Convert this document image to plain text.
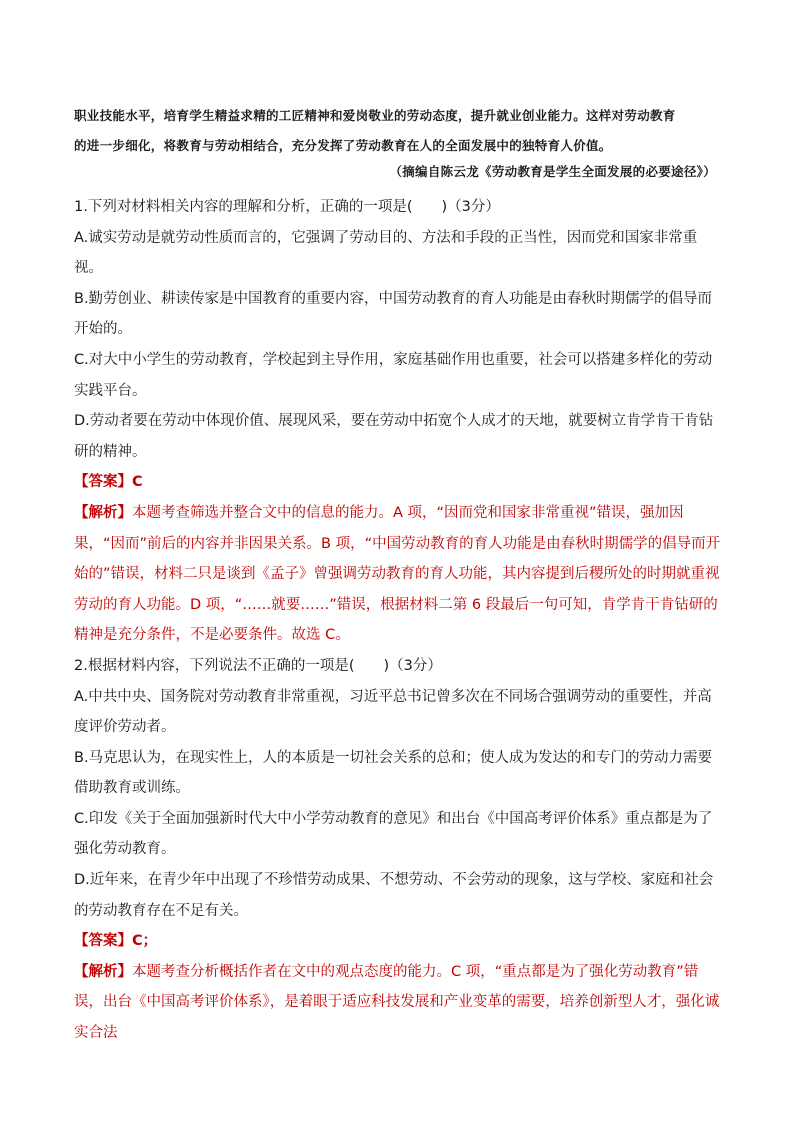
职业技能水平，培育学生精益求精的工匠精神和爱岗敬业的劳动态度，提升就业创业能力。这样对劳动教育

的进一步细化，将教育与劳动相结合，充分发挥了劳动教育在人的全面发展中的独特育人价值。

（摘编自陈云龙《劳动教育是学生全面发展的必要途径》）

1.下列对材料相关内容的理解和分析，正确的一项是(　　)（3分）

A.诚实劳动是就劳动性质而言的，它强调了劳动目的、方法和手段的正当性，因而党和国家非常重视。

B.勤劳创业、耕读传家是中国教育的重要内容，中国劳动教育的育人功能是由春秋时期儒学的倡导而开始的。

C.对大中小学生的劳动教育，学校起到主导作用，家庭基础作用也重要，社会可以搭建多样化的劳动实践平台。

D.劳动者要在劳动中体现价值、展现风采，要在劳动中拓宽个人成才的天地，就要树立肯学肯干肯钻研的精神。

【答案】C

【解析】本题考查筛选并整合文中的信息的能力。A 项，“因而党和国家非常重视”错误，强加因果，“因而”前后的内容并非因果关系。B 项，“中国劳动教育的育人功能是由春秋时期儒学的倡导而开始的”错误，材料二只是谈到《孟子》曾强调劳动教育的育人功能，其内容提到后稷所处的时期就重视劳动的育人功能。D 项，“……就要……”错误，根据材料二第 6 段最后一句可知，肯学肯干肯钻研的精神是充分条件，不是必要条件。故选 C。

2.根据材料内容，下列说法不正确的一项是(　　)（3分）

A.中共中央、国务院对劳动教育非常重视，习近平总书记曾多次在不同场合强调劳动的重要性，并高度评价劳动者。

B.马克思认为，在现实性上，人的本质是一切社会关系的总和；使人成为发达的和专门的劳动力需要借助教育或训练。

C.印发《关于全面加强新时代大中小学劳动教育的意见》和出台《中国高考评价体系》重点都是为了强化劳动教育。

D.近年来，在青少年中出现了不珍惜劳动成果、不想劳动、不会劳动的现象，这与学校、家庭和社会的劳动教育存在不足有关。

【答案】C；

【解析】本题考查分析概括作者在文中的观点态度的能力。C 项，“重点都是为了强化劳动教育”错误，出台《中国高考评价体系》，是着眼于适应科技发展和产业变革的需要，培养创新型人才，强化诚实合法
